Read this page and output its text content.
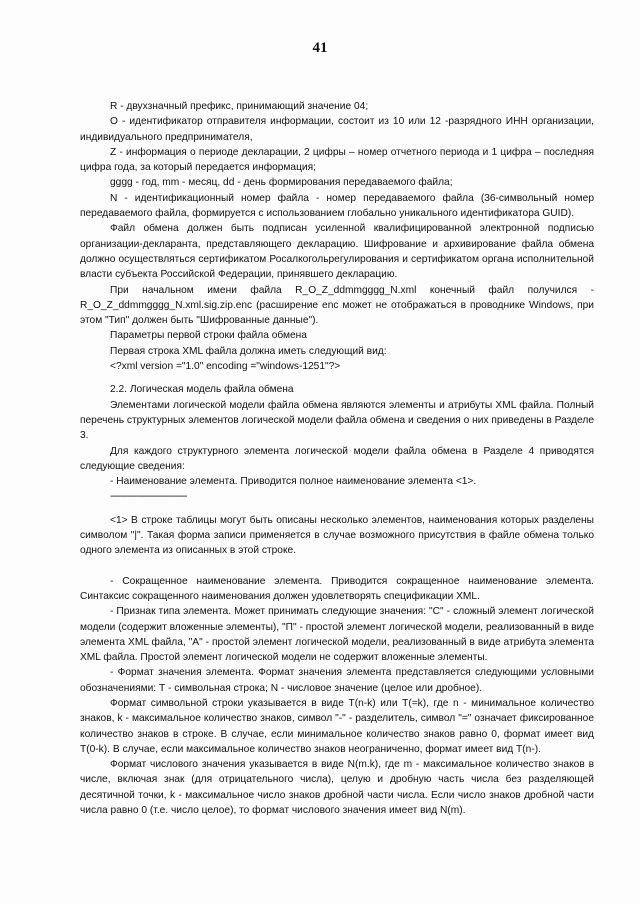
41

R - двухзначный префикс, принимающий значение 04;

O - идентификатор отправителя информации, состоит из 10 или 12 -разрядного ИНН организации, индивидуального предпринимателя,

Z - информация о периоде декларации, 2 цифры – номер отчетного периода и 1 цифра – последняя цифра года, за который передается информация;

gggg - год, mm - месяц, dd - день формирования передаваемого файла;

N - идентификационный номер файла - номер передаваемого файла (36-символьный номер передаваемого файла, формируется с использованием глобально уникального идентификатора GUID).

Файл обмена должен быть подписан усиленной квалифицированной электронной подписью организации-декларанта, представляющего декларацию. Шифрование и архивирование файла обмена должно осуществляться сертификатом Росалкогольрегулирования и сертификатом органа исполнительной власти субъекта Российской Федерации, принявшего декларацию.

При начальном имени файла R_O_Z_ddmmgggg_N.xml конечный файл получился - R_O_Z_ddmmgggg_N.xml.sig.zip.enc (расширение enc может не отображаться в проводнике Windows, при этом "Тип" должен быть "Шифрованные данные").

Параметры первой строки файла обмена

Первая строка XML файла должна иметь следующий вид:

<?xml version ="1.0" encoding ="windows-1251"?>

2.2. Логическая модель файла обмена

Элементами логической модели файла обмена являются элементы и атрибуты XML файла. Полный перечень структурных элементов логической модели файла обмена и сведения о них приведены в Разделе 3.

Для каждого структурного элемента логической модели файла обмена в Разделе 4 приводятся следующие сведения:

- Наименование элемента. Приводится полное наименование элемента <1>.

--------------------------------

<1> В строке таблицы могут быть описаны несколько элементов, наименования которых разделены символом "|". Такая форма записи применяется в случае возможного присутствия в файле обмена только одного элемента из описанных в этой строке.

- Сокращенное наименование элемента. Приводится сокращенное наименование элемента. Синтаксис сокращенного наименования должен удовлетворять спецификации XML.

- Признак типа элемента. Может принимать следующие значения: "С" - сложный элемент логической модели (содержит вложенные элементы), "П" - простой элемент логической модели, реализованный в виде элемента XML файла, "А" - простой элемент логической модели, реализованный в виде атрибута элемента XML файла. Простой элемент логической модели не содержит вложенные элементы.

- Формат значения элемента. Формат значения элемента представляется следующими условными обозначениями: Т - символьная строка; N - числовое значение (целое или дробное).

Формат символьной строки указывается в виде Т(n-k) или Т(=k), где n - минимальное количество знаков, k - максимальное количество знаков, символ "-" - разделитель, символ "=" означает фиксированное количество знаков в строке. В случае, если минимальное количество знаков равно 0, формат имеет вид Т(0-k). В случае, если максимальное количество знаков неограниченно, формат имеет вид Т(n-).

Формат числового значения указывается в виде N(m.k), где m - максимальное количество знаков в числе, включая знак (для отрицательного числа), целую и дробную часть числа без разделяющей десятичной точки, k - максимальное число знаков дробной части числа. Если число знаков дробной части числа равно 0 (т.е. число целое), то формат числового значения имеет вид N(m).
